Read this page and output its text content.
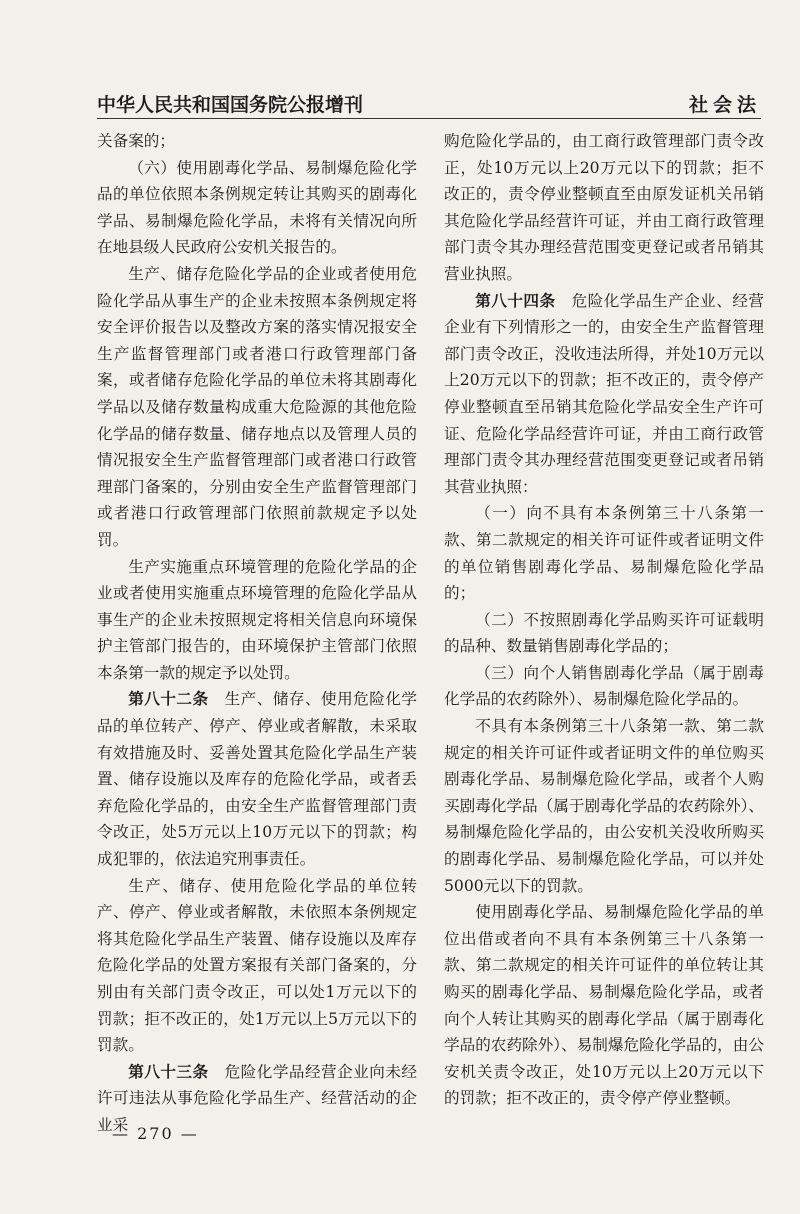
中华人民共和国国务院公报增刊	社会法

关备案的；

（六）使用剧毒化学品、易制爆危险化学品的单位依照本条例规定转让其购买的剧毒化学品、易制爆危险化学品，未将有关情况向所在地县级人民政府公安机关报告的。

生产、储存危险化学品的企业或者使用危险化学品从事生产的企业未按照本条例规定将安全评价报告以及整改方案的落实情况报安全生产监督管理部门或者港口行政管理部门备案，或者储存危险化学品的单位未将其剧毒化学品以及储存数量构成重大危险源的其他危险化学品的储存数量、储存地点以及管理人员的情况报安全生产监督管理部门或者港口行政管理部门备案的，分别由安全生产监督管理部门或者港口行政管理部门依照前款规定予以处罚。

生产实施重点环境管理的危险化学品的企业或者使用实施重点环境管理的危险化学品从事生产的企业未按照规定将相关信息向环境保护主管部门报告的，由环境保护主管部门依照本条第一款的规定予以处罚。

第八十二条　生产、储存、使用危险化学品的单位转产、停产、停业或者解散，未采取有效措施及时、妥善处置其危险化学品生产装置、储存设施以及库存的危险化学品，或者丢弃危险化学品的，由安全生产监督管理部门责令改正，处5万元以上10万元以下的罚款；构成犯罪的，依法追究刑事责任。

生产、储存、使用危险化学品的单位转产、停产、停业或者解散，未依照本条例规定将其危险化学品生产装置、储存设施以及库存危险化学品的处置方案报有关部门备案的，分别由有关部门责令改正，可以处1万元以下的罚款；拒不改正的，处1万元以上5万元以下的罚款。

第八十三条　危险化学品经营企业向未经许可违法从事危险化学品生产、经营活动的企业采

购危险化学品的，由工商行政管理部门责令改正，处10万元以上20万元以下的罚款；拒不改正的，责令停业整顿直至由原发证机关吊销其危险化学品经营许可证，并由工商行政管理部门责令其办理经营范围变更登记或者吊销其营业执照。

第八十四条　危险化学品生产企业、经营企业有下列情形之一的，由安全生产监督管理部门责令改正，没收违法所得，并处10万元以上20万元以下的罚款；拒不改正的，责令停产停业整顿直至吊销其危险化学品安全生产许可证、危险化学品经营许可证，并由工商行政管理部门责令其办理经营范围变更登记或者吊销其营业执照：

（一）向不具有本条例第三十八条第一款、第二款规定的相关许可证件或者证明文件的单位销售剧毒化学品、易制爆危险化学品的；

（二）不按照剧毒化学品购买许可证载明的品种、数量销售剧毒化学品的；

（三）向个人销售剧毒化学品（属于剧毒化学品的农药除外）、易制爆危险化学品的。

不具有本条例第三十八条第一款、第二款规定的相关许可证件或者证明文件的单位购买剧毒化学品、易制爆危险化学品，或者个人购买剧毒化学品（属于剧毒化学品的农药除外）、易制爆危险化学品的，由公安机关没收所购买的剧毒化学品、易制爆危险化学品，可以并处5000元以下的罚款。

使用剧毒化学品、易制爆危险化学品的单位出借或者向不具有本条例第三十八条第一款、第二款规定的相关许可证件的单位转让其购买的剧毒化学品、易制爆危险化学品，或者向个人转让其购买的剧毒化学品（属于剧毒化学品的农药除外）、易制爆危险化学品的，由公安机关责令改正，处10万元以上20万元以下的罚款；拒不改正的，责令停产停业整顿。

— 270 —
